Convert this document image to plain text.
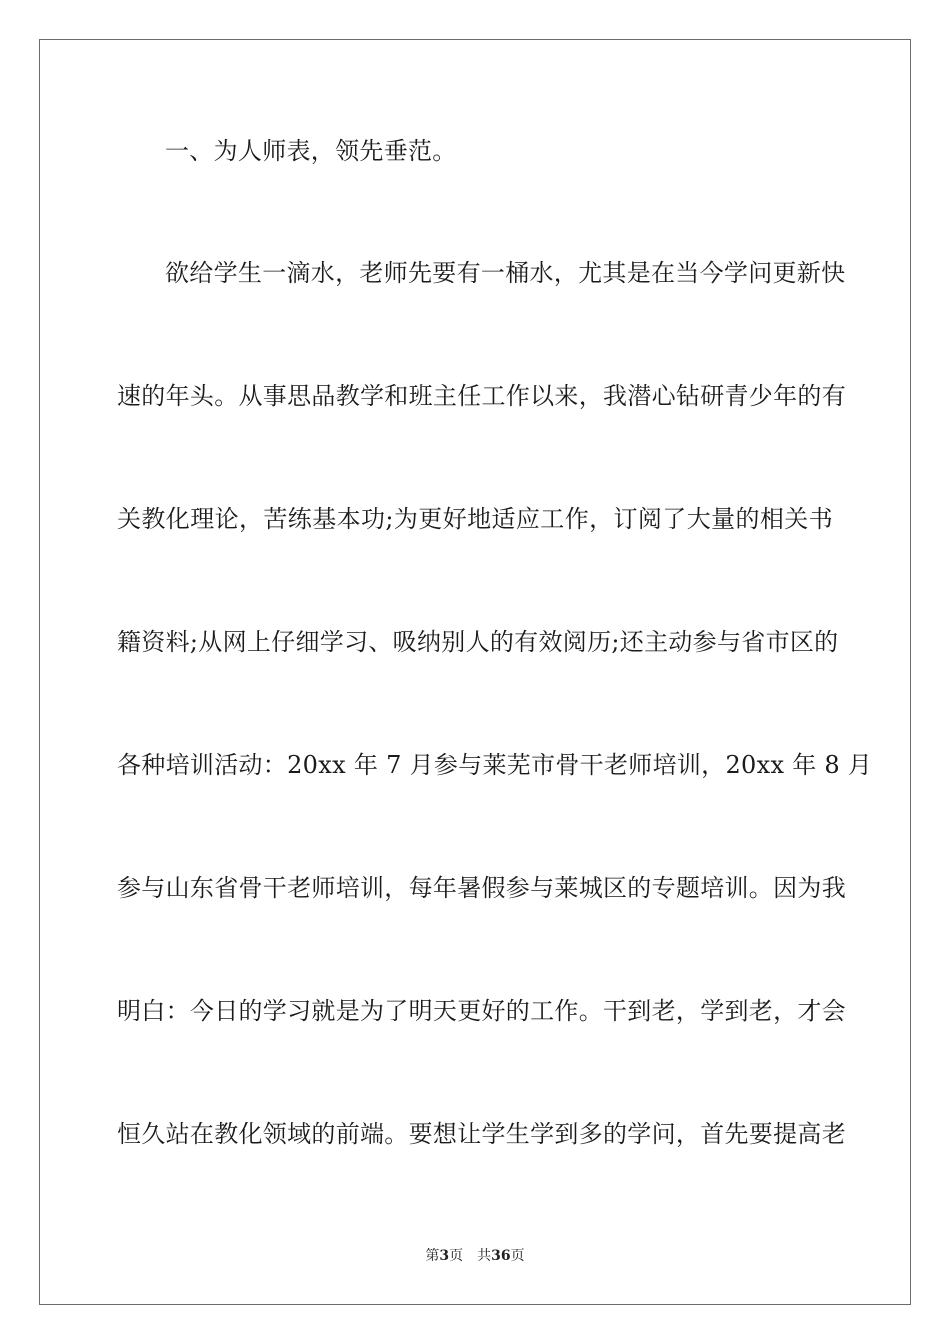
一、为人师表，领先垂范。
欲给学生一滴水，老师先要有一桶水，尤其是在当今学问更新快
速的年头。从事思品教学和班主任工作以来，我潜心钻研青少年的有
关教化理论，苦练基本功;为更好地适应工作，订阅了大量的相关书
籍资料;从网上仔细学习、吸纳别人的有效阅历;还主动参与省市区的
各种培训活动：20xx 年 7 月参与莱芜市骨干老师培训，20xx 年 8 月
参与山东省骨干老师培训，每年暑假参与莱城区的专题培训。因为我
明白：今日的学习就是为了明天更好的工作。干到老，学到老，才会
恒久站在教化领域的前端。要想让学生学到多的学问，首先要提高老
第3页 共36页
